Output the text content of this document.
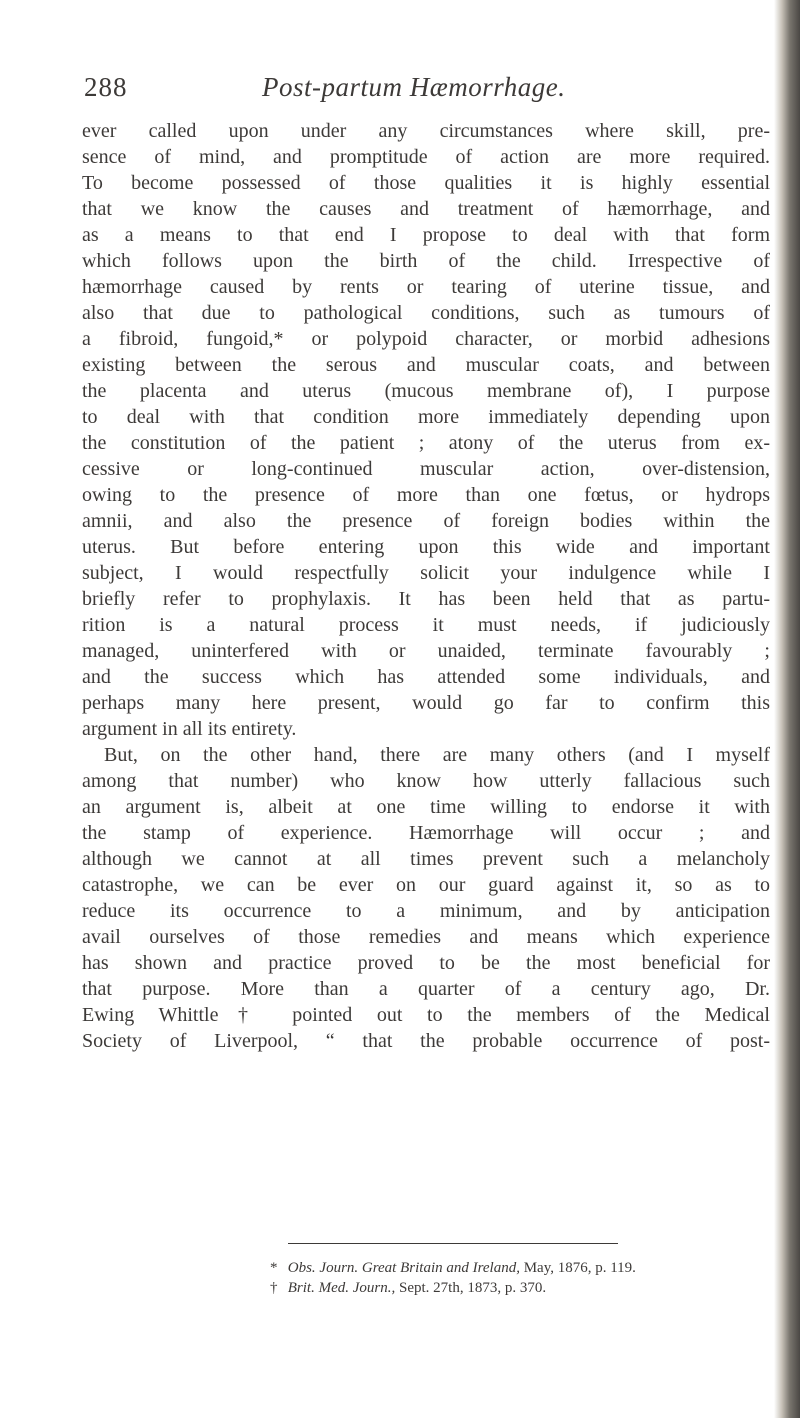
288	Post-partum Hæmorrhage.
ever called upon under any circumstances where skill, pre-
sence of mind, and promptitude of action are more required.
To become possessed of those qualities it is highly essential
that we know the causes and treatment of hæmorrhage, and
as a means to that end I propose to deal with that form
which follows upon the birth of the child. Irrespective of
hæmorrhage caused by rents or tearing of uterine tissue, and
also that due to pathological conditions, such as tumours of
a fibroid, fungoid,* or polypoid character, or morbid adhesions
existing between the serous and muscular coats, and between
the placenta and uterus (mucous membrane of), I purpose
to deal with that condition more immediately depending upon
the constitution of the patient ; atony of the uterus from ex-
cessive or long-continued muscular action, over-distension,
owing to the presence of more than one fœtus, or hydrops
amnii, and also the presence of foreign bodies within the
uterus. But before entering upon this wide and important
subject, I would respectfully solicit your indulgence while I
briefly refer to prophylaxis. It has been held that as partu-
rition is a natural process it must needs, if judiciously
managed, uninterfered with or unaided, terminate favourably ;
and the success which has attended some individuals, and
perhaps many here present, would go far to confirm this
argument in all its entirety.
But, on the other hand, there are many others (and I myself
among that number) who know how utterly fallacious such
an argument is, albeit at one time willing to endorse it with
the stamp of experience. Hæmorrhage will occur ; and
although we cannot at all times prevent such a melancholy
catastrophe, we can be ever on our guard against it, so as to
reduce its occurrence to a minimum, and by anticipation
avail ourselves of those remedies and means which experience
has shown and practice proved to be the most beneficial for
that purpose. More than a quarter of a century ago, Dr.
Ewing Whittle† pointed out to the members of the Medical
Society of Liverpool, “ that the probable occurrence of post-
* Obs. Journ. Great Britain and Ireland, May, 1876, p. 119.
† Brit. Med. Journ., Sept. 27th, 1873, p. 370.
